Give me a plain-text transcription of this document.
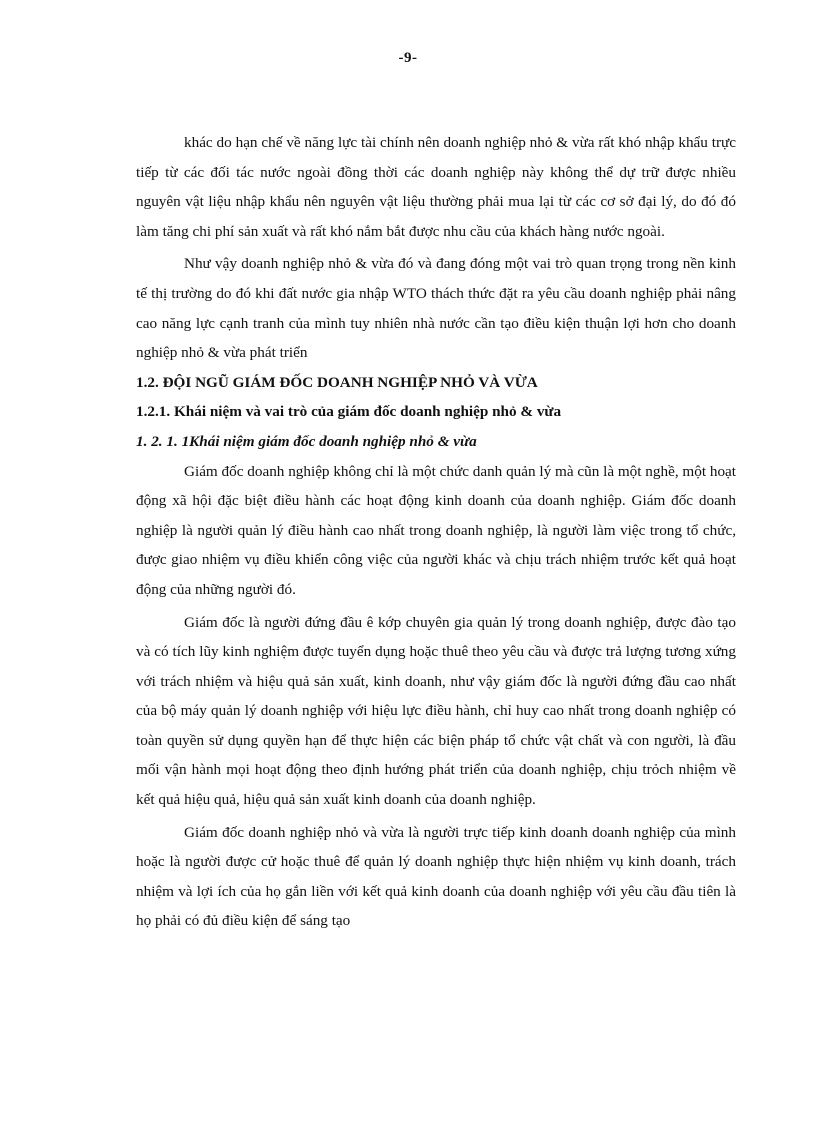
-9-

khác do hạn chế về năng lực tài chính nên doanh nghiệp nhỏ & vừa rất khó nhập khẩu trực tiếp từ các đối tác nước ngoài đồng thời các doanh nghiệp này không thể dự trữ được nhiều nguyên vật liệu nhập khẩu nên nguyên vật liệu thường phải mua lại từ các cơ sở đại lý, do đó đó làm tăng chi phí sản xuất và rất khó nắm bắt được nhu cầu của khách hàng nước ngoài.

Như vậy doanh nghiệp nhỏ & vừa đó và đang đóng một vai trò quan trọng trong nền kinh tế thị trường do đó khi đất nước gia nhập WTO thách thức đặt ra yêu cầu doanh nghiệp phải nâng cao năng lực cạnh tranh của mình tuy nhiên nhà nước cần tạo điều kiện thuận lợi hơn cho doanh nghiệp nhỏ & vừa phát triển

1.2. ĐỘI NGŨ GIÁM ĐỐC DOANH NGHIỆP NHỎ VÀ VỪA
1.2.1. Khái niệm và vai trò của giám đốc doanh nghiệp nhỏ & vừa
1. 2. 1. 1Khái niệm giám đốc doanh nghiệp nhỏ & vừa

Giám đốc doanh nghiệp không chỉ là một chức danh quản lý mà cũn là một nghề, một hoạt động xã hội đặc biệt điều hành các hoạt động kinh doanh của doanh nghiệp. Giám đốc doanh nghiệp là người quản lý điều hành cao nhất trong doanh nghiệp, là người làm việc trong tổ chức, được giao nhiệm vụ điều khiển công việc của người khác và chịu trách nhiệm trước kết quả hoạt động của những người đó.

Giám đốc là người đứng đầu ê kớp chuyên gia quản lý trong doanh nghiệp, được đào tạo và có tích lũy kinh nghiệm được tuyển dụng hoặc thuê theo yêu cầu và được trả lượng tương xứng với trách nhiệm và hiệu quả sản xuất, kinh doanh, như vậy giám đốc là người đứng đầu cao nhất của bộ máy quản lý doanh nghiệp với hiệu lực điều hành, chỉ huy cao nhất trong doanh nghiệp có toàn quyền sử dụng quyền hạn để thực hiện các biện pháp tổ chức vật chất và con người, là đầu mối vận hành mọi hoạt động theo định hướng phát triển của doanh nghiệp, chịu trỏch nhiệm về kết quả hiệu quả, hiệu quả sản xuất kinh doanh của doanh nghiệp.

Giám đốc doanh nghiệp nhỏ và vừa là người trực tiếp kinh doanh doanh nghiệp của mình hoặc là người được cử hoặc thuê để quản lý doanh nghiệp thực hiện nhiệm vụ kinh doanh, trách nhiệm và lợi ích của họ gắn liền với kết quả kinh doanh của doanh nghiệp với yêu cầu đầu tiên là họ phải có đủ điều kiện để sáng tạo
